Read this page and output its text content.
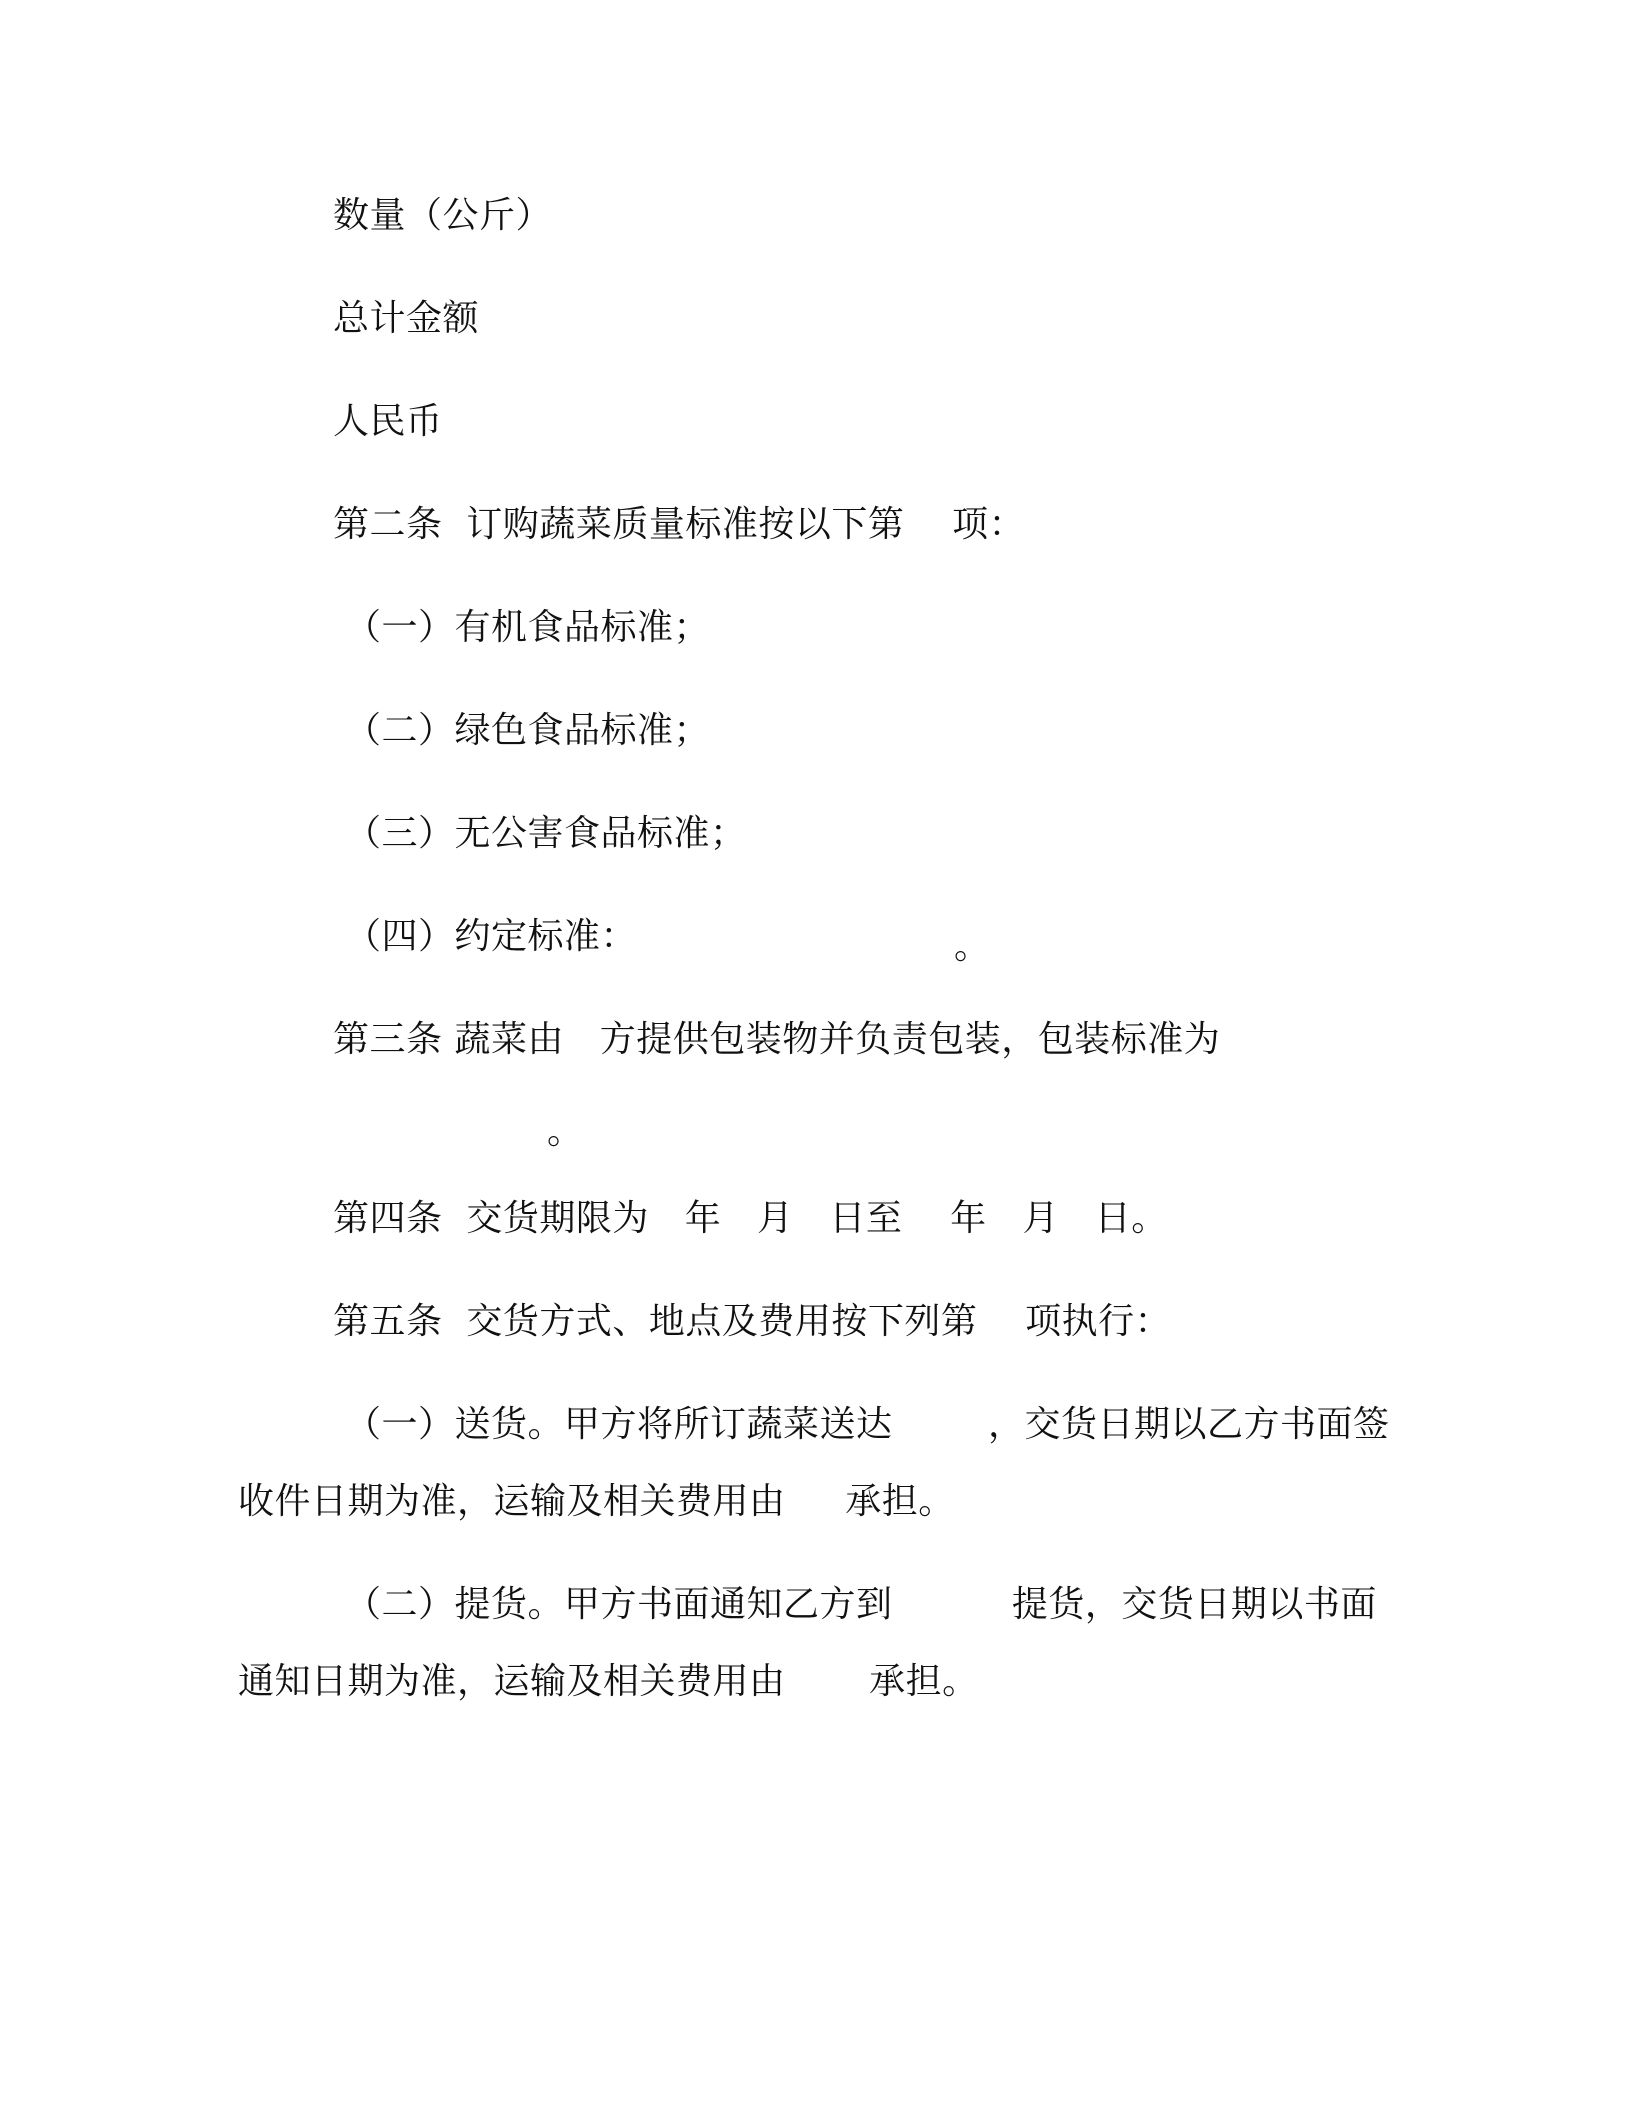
数量（公斤）
总计金额
人民币
第二条  订购蔬菜质量标准按以下第    项：
（一）有机食品标准；
（二）绿色食品标准；
（三）无公害食品标准；
（四）约定标准：	。
第三条 蔬菜由   方提供包装物并负责包装，包装标准为
。
第四条  交货期限为   年   月   日至    年   月   日。
第五条  交货方式、地点及费用按下列第    项执行：
（一）送货。甲方将所订蔬菜送达        ，交货日期以乙方书面签
收件日期为准，运输及相关费用由     承担。
（二）提货。甲方书面通知乙方到          提货，交货日期以书面
通知日期为准，运输及相关费用由       承担。
